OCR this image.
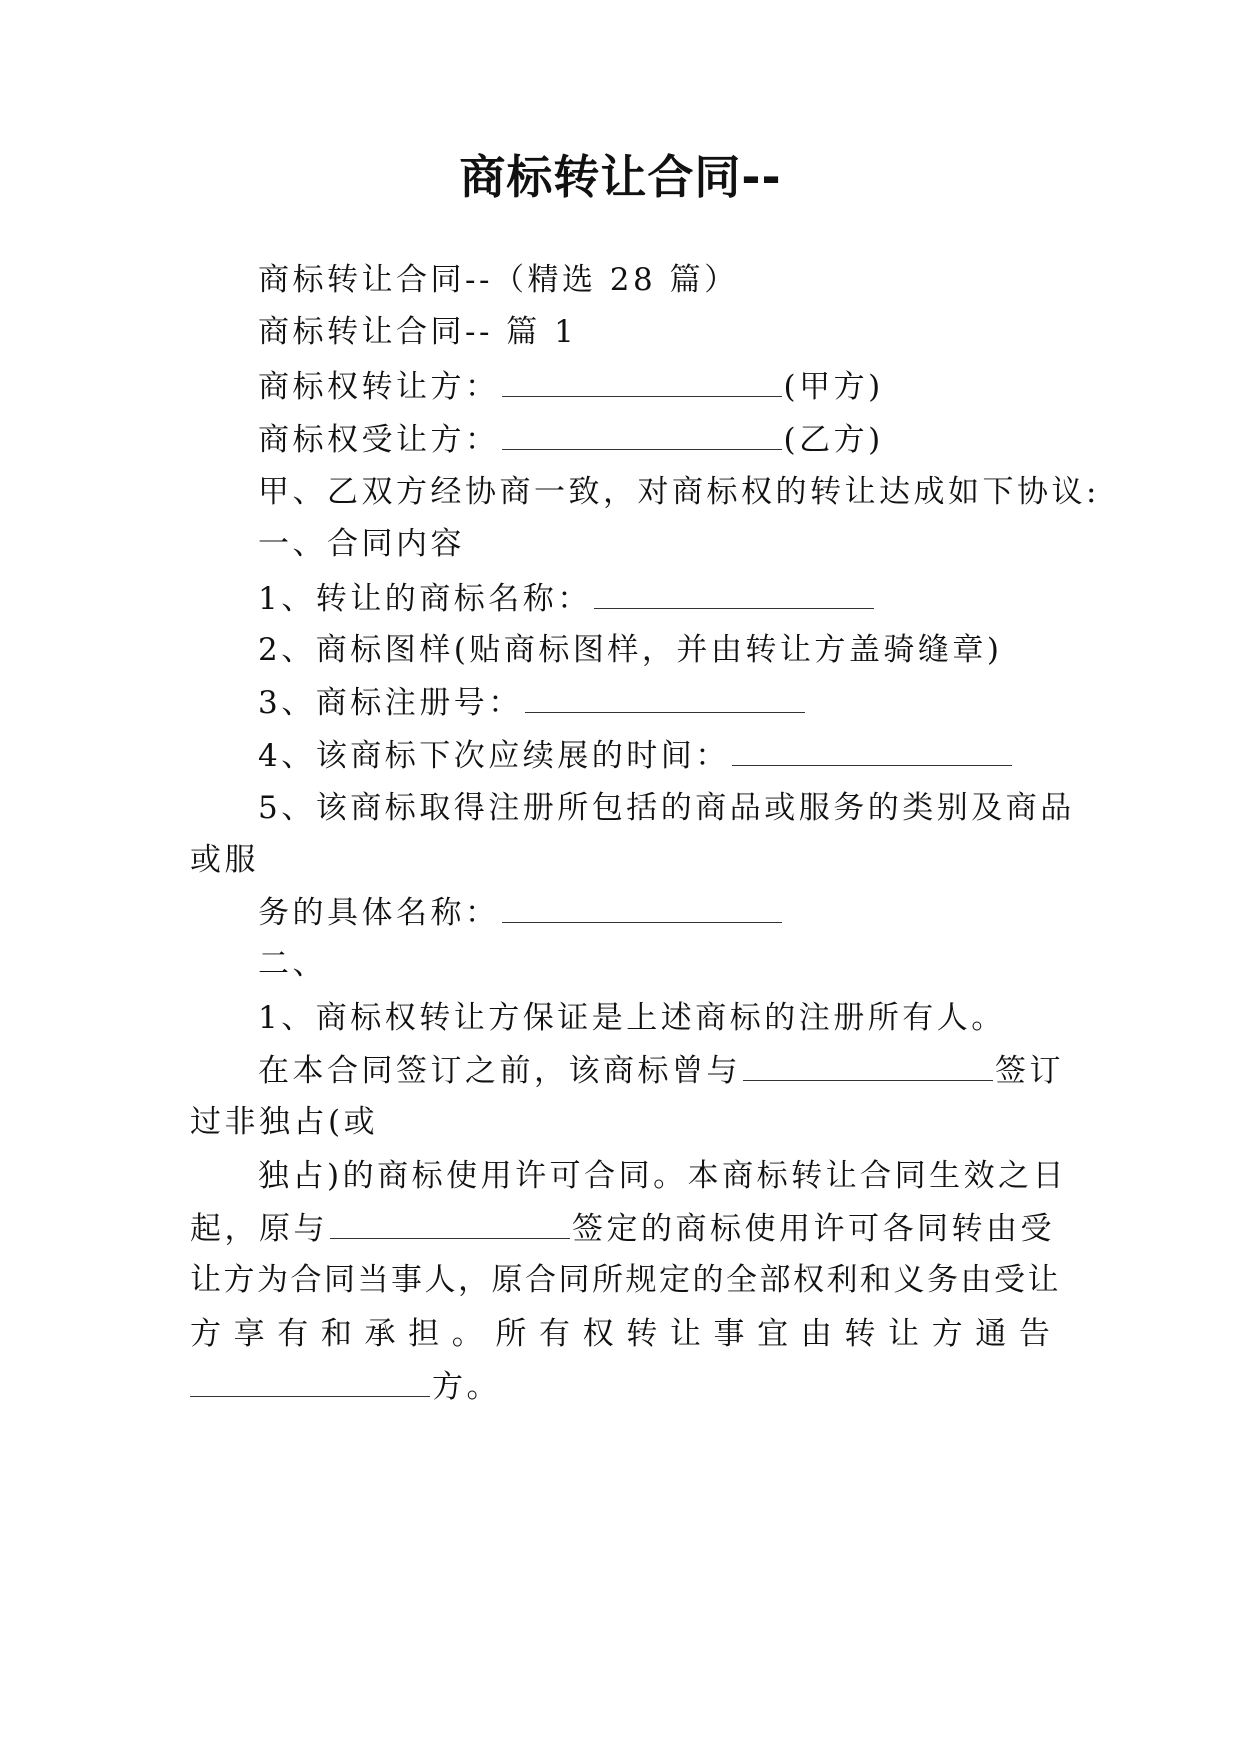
商标转让合同--
商标转让合同--（精选 28 篇）
商标转让合同-- 篇 1
商标权转让方：	(甲方)
商标权受让方：	(乙方)
甲、乙双方经协商一致，对商标权的转让达成如下协议:
一、合同内容
1、转让的商标名称：
2、商标图样(贴商标图样，并由转让方盖骑缝章)
3、商标注册号：
4、该商标下次应续展的时间：
5、该商标取得注册所包括的商品或服务的类别及商品
或服
务的具体名称：
二、
1、商标权转让方保证是上述商标的注册所有人。
在本合同签订之前，该商标曾与	签订
过非独占(或
独占)的商标使用许可合同。本商标转让合同生效之日
起，原与	签定的商标使用许可各同转由受
让方为合同当事人，原合同所规定的全部权利和义务由受让
方 享 有 和 承 担 。 所 有 权 转 让 事 宜 由 转 让 方 通 告
方。
